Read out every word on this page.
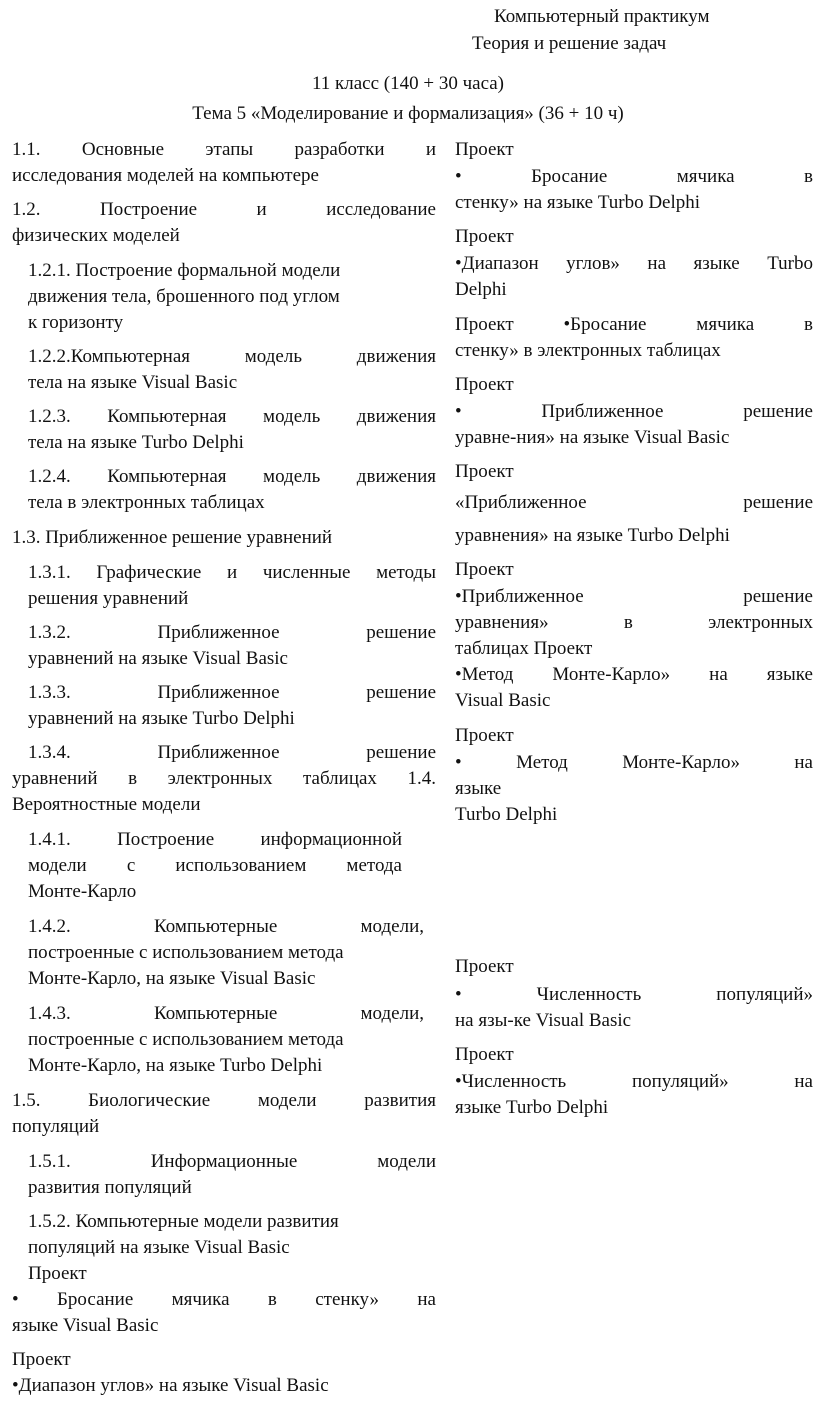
Компьютерный практикум
Теория и решение задач
11 класс (140 + 30 часа)
Тема 5 «Моделирование и формализация» (36 + 10 ч)
1.1. Основные этапы разработки и
исследования моделей на компьютере
1.2. Построение и исследование
физических моделей
1.2.1. Построение формальной модели
движения тела, брошенного под углом
к горизонту
1.2.2.Компьютерная модель движения
тела на языке Visual Basic
1.2.3. Компьютерная модель движения
тела на языке Turbo Delphi
1.2.4. Компьютерная модель движения
тела в электронных таблицах
1.3. Приближенное решение уравнений
1.3.1. Графические и численные методы
решения уравнений
1.3.2. Приближенное решение
уравнений на языке Visual Basic
1.3.3. Приближенное решение
уравнений на языке Turbo Delphi
1.3.4. Приближенное решение
уравнений в электронных таблицах 1.4.
Вероятностные модели
1.4.1. Построение информационной
модели с использованием метода
Монте-Карло
1.4.2. Компьютерные модели,
построенные с использованием метода
Монте-Карло, на языке Visual Basic
1.4.3. Компьютерные модели,
построенные с использованием метода
Монте-Карло, на языке Turbo Delphi
1.5. Биологические модели развития
популяций
1.5.1. Информационные модели
развития популяций
1.5.2. Компьютерные модели развития
популяций на языке Visual Basic
Проект
• Бросание мячика в стенку» на
языке Visual Basic
Проект
•Диапазон углов» на языке Visual Basic
Проект
• Бросание мячика в
стенку» на языке Turbo Delphi
Проект
•Диапазон углов» на языке Turbo
Delphi
Проект •Бросание мячика в
стенку» в электронных таблицах
Проект
• Приближенное решение
уравне-ния» на языке Visual Basic
Проект
«Приближенное решение
уравнения» на языке Turbo Delphi
Проект
•Приближенное решение
уравнения» в электронных
таблицах Проект
•Метод Монте-Карло» на языке
Visual Basic
Проект
• Метод Монте-Карло» на
языке
Turbo Delphi
Проект
• Численность популяций»
на язы-ке Visual Basic
Проект
•Численность популяций» на
языке Turbo Delphi
